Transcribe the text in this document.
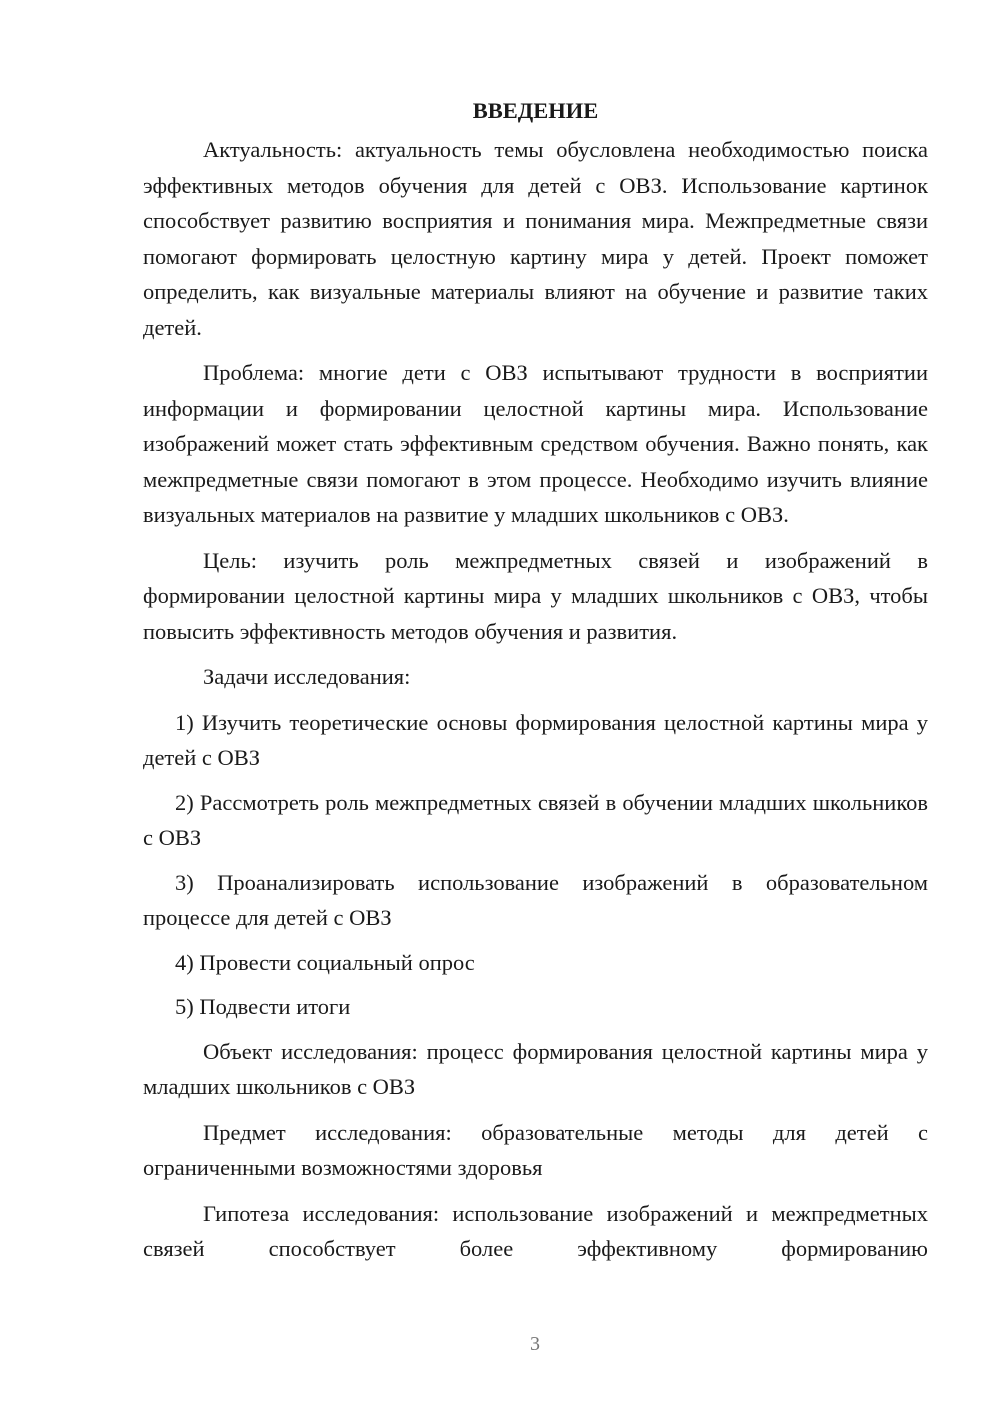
ВВЕДЕНИЕ

Актуальность: актуальность темы обусловлена необходимостью поиска эффективных методов обучения для детей с ОВЗ. Использование картинок способствует развитию восприятия и понимания мира. Межпредметные связи помогают формировать целостную картину мира у детей. Проект поможет определить, как визуальные материалы влияют на обучение и развитие таких детей.

Проблема: многие дети с ОВЗ испытывают трудности в восприятии информации и формировании целостной картины мира. Использование изображений может стать эффективным средством обучения. Важно понять, как межпредметные связи помогают в этом процессе. Необходимо изучить влияние визуальных материалов на развитие у младших школьников с ОВЗ.

Цель: изучить роль межпредметных связей и изображений в формировании целостной картины мира у младших школьников с ОВЗ, чтобы повысить эффективность методов обучения и развития.

Задачи исследования:

1) Изучить теоретические основы формирования целостной картины мира у детей с ОВЗ

2) Рассмотреть роль межпредметных связей в обучении младших школьников с ОВЗ

3) Проанализировать использование изображений в образовательном процессе для детей с ОВЗ

4) Провести социальный опрос

5) Подвести итоги

Объект исследования: процесс формирования целостной картины мира у младших школьников с ОВЗ

Предмет исследования: образовательные методы для детей с ограниченными возможностями здоровья

Гипотеза исследования: использование изображений и межпредметных связей способствует более эффективному формированию

3
